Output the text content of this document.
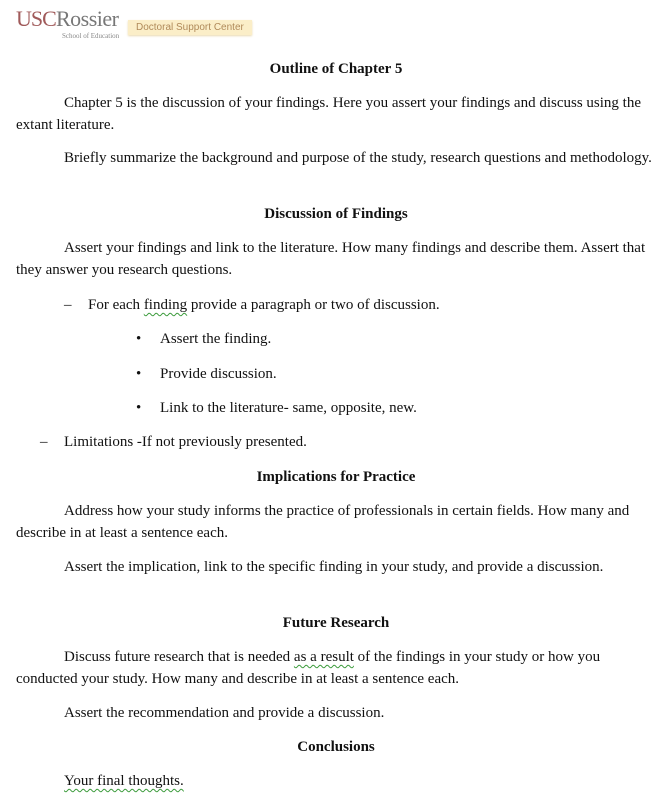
USC Rossier
School of Education
Doctoral Support Center
Outline of Chapter 5
Chapter 5 is the discussion of your findings. Here you assert your findings and discuss using the extant literature.
Briefly summarize the background and purpose of the study, research questions and methodology.
Discussion of Findings
Assert your findings and link to the literature. How many findings and describe them. Assert that they answer you research questions.
– For each finding provide a paragraph or two of discussion.
• Assert the finding.
• Provide discussion.
• Link to the literature- same, opposite, new.
– Limitations -If not previously presented.
Implications for Practice
Address how your study informs the practice of professionals in certain fields. How many and describe in at least a sentence each.
Assert the implication, link to the specific finding in your study, and provide a discussion.
Future Research
Discuss future research that is needed as a result of the findings in your study or how you conducted your study. How many and describe in at least a sentence each.
Assert the recommendation and provide a discussion.
Conclusions
Your final thoughts.
